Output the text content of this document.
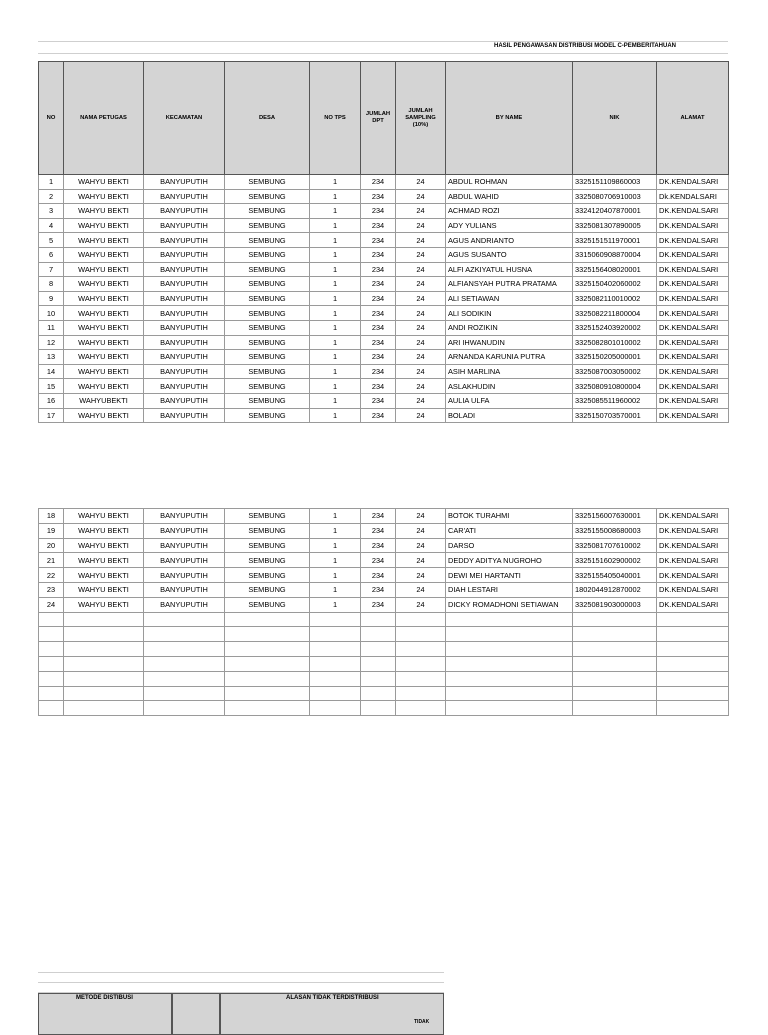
HASIL PENGAWASAN DISTRIBUSI MODEL C-PEMBERITAHUAN
NO	NAMA PETUGAS	KECAMATAN	DESA	NO TPS	JUMLAH DPT	JUMLAH SAMPLING (10%)	BY NAME	NIK	ALAMAT
1	WAHYU BEKTI	BANYUPUTIH	SEMBUNG	1	234	24	ABDUL ROHMAN	3325151109860003	DK.KENDALSARI
2	WAHYU BEKTI	BANYUPUTIH	SEMBUNG	1	234	24	ABDUL WAHID	3325080706910003	Dk.KENDALSARI
3	WAHYU BEKTI	BANYUPUTIH	SEMBUNG	1	234	24	ACHMAD ROZI	3324120407870001	DK.KENDALSARI
4	WAHYU BEKTI	BANYUPUTIH	SEMBUNG	1	234	24	ADY YULIANS	3325081307890005	DK.KENDALSARI
5	WAHYU BEKTI	BANYUPUTIH	SEMBUNG	1	234	24	AGUS ANDRIANTO	3325151511970001	DK.KENDALSARI
6	WAHYU BEKTI	BANYUPUTIH	SEMBUNG	1	234	24	AGUS SUSANTO	3315060908870004	DK.KENDALSARI
7	WAHYU BEKTI	BANYUPUTIH	SEMBUNG	1	234	24	ALFI AZKIYATUL HUSNA	3325156408020001	DK.KENDALSARI
8	WAHYU BEKTI	BANYUPUTIH	SEMBUNG	1	234	24	ALFIANSYAH PUTRA PRATAMA	3325150402060002	DK.KENDALSARI
9	WAHYU BEKTI	BANYUPUTIH	SEMBUNG	1	234	24	ALI SETIAWAN	3325082110010002	DK.KENDALSARI
10	WAHYU BEKTI	BANYUPUTIH	SEMBUNG	1	234	24	ALI SODIKIN	3325082211800004	DK.KENDALSARI
11	WAHYU BEKTI	BANYUPUTIH	SEMBUNG	1	234	24	ANDI ROZIKIN	3325152403920002	DK.KENDALSARI
12	WAHYU BEKTI	BANYUPUTIH	SEMBUNG	1	234	24	ARI IHWANUDIN	3325082801010002	DK.KENDALSARI
13	WAHYU BEKTI	BANYUPUTIH	SEMBUNG	1	234	24	ARNANDA KARUNIA PUTRA	3325150205000001	DK.KENDALSARI
14	WAHYU BEKTI	BANYUPUTIH	SEMBUNG	1	234	24	ASIH MARLINA	3325087003050002	DK.KENDALSARI
15	WAHYU BEKTI	BANYUPUTIH	SEMBUNG	1	234	24	ASLAKHUDIN	3325080910800004	DK.KENDALSARI
16	WAHYUBEKTI	BANYUPUTIH	SEMBUNG	1	234	24	AULIA ULFA	3325085511960002	DK.KENDALSARI
17	WAHYU BEKTI	BANYUPUTIH	SEMBUNG	1	234	24	BOLADI	3325150703570001	DK.KENDALSARI
18	WAHYU BEKTI	BANYUPUTIH	SEMBUNG	1	234	24	BOTOK TURAHMI	3325156007630001	DK.KENDALSARI
19	WAHYU BEKTI	BANYUPUTIH	SEMBUNG	1	234	24	CAR'ATI	3325155008680003	DK.KENDALSARI
20	WAHYU BEKTI	BANYUPUTIH	SEMBUNG	1	234	24	DARSO	3325081707610002	DK.KENDALSARI
21	WAHYU BEKTI	BANYUPUTIH	SEMBUNG	1	234	24	DEDDY ADITYA NUGROHO	3325151602900002	DK.KENDALSARI
22	WAHYU BEKTI	BANYUPUTIH	SEMBUNG	1	234	24	DEWI MEI HARTANTI	3325155405040001	DK.KENDALSARI
23	WAHYU BEKTI	BANYUPUTIH	SEMBUNG	1	234	24	DIAH LESTARI	1802044912870002	DK.KENDALSARI
24	WAHYU BEKTI	BANYUPUTIH	SEMBUNG	1	234	24	DICKY ROMADHONI SETIAWAN	3325081903000003	DK.KENDALSARI

METODE DISTIBUSI	ALASAN TIDAK TERDISTRIBUSI
TIDAK
